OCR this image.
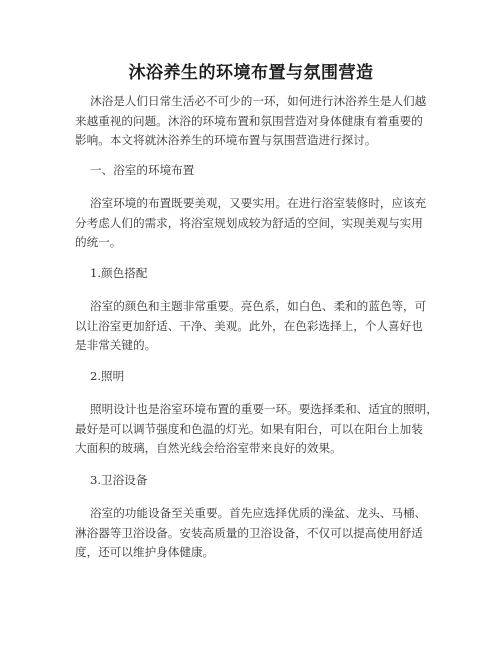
沐浴养生的环境布置与氛围营造
沐浴是人们日常生活必不可少的一环，如何进行沐浴养生是人们越
来越重视的问题。沐浴的环境布置和氛围营造对身体健康有着重要的
影响。本文将就沐浴养生的环境布置与氛围营造进行探讨。
一、浴室的环境布置
浴室环境的布置既要美观，又要实用。在进行浴室装修时，应该充
分考虑人们的需求，将浴室规划成较为舒适的空间，实现美观与实用
的统一。
1.颜色搭配
浴室的颜色和主题非常重要。亮色系，如白色、柔和的蓝色等，可
以让浴室更加舒适、干净、美观。此外，在色彩选择上，个人喜好也
是非常关键的。
2.照明
照明设计也是浴室环境布置的重要一环。要选择柔和、适宜的照明，
最好是可以调节强度和色温的灯光。如果有阳台，可以在阳台上加装
大面积的玻璃，自然光线会给浴室带来良好的效果。
3.卫浴设备
浴室的功能设备至关重要。首先应选择优质的澡盆、龙头、马桶、
淋浴器等卫浴设备。安装高质量的卫浴设备，不仅可以提高使用舒适
度，还可以维护身体健康。
